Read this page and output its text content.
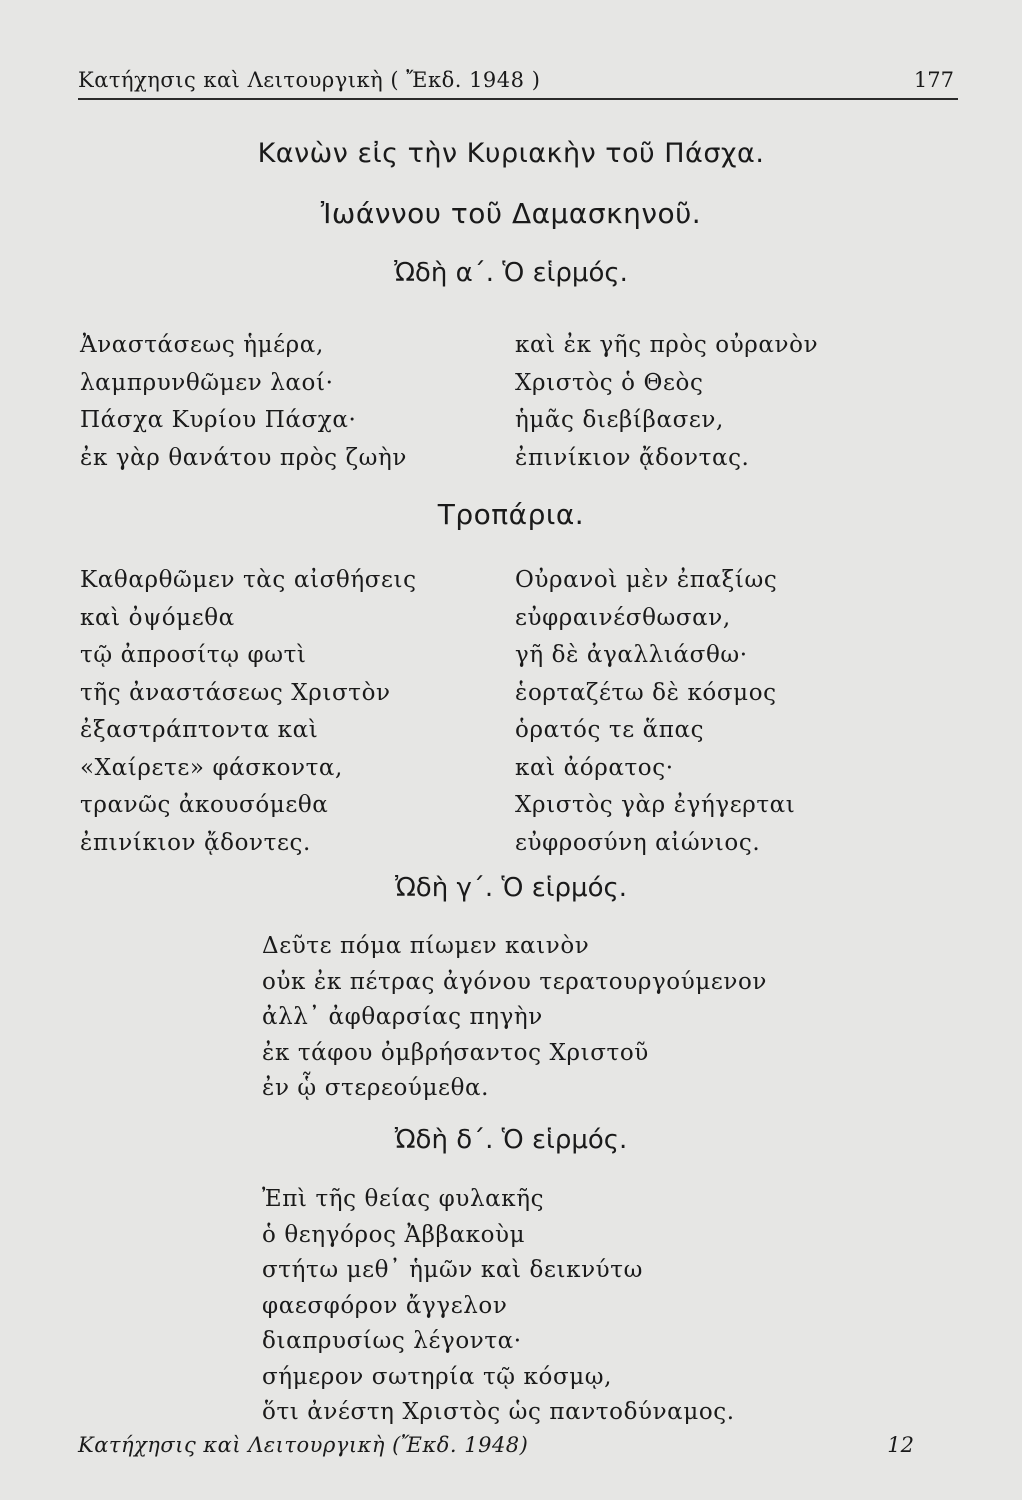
Κατήχησις καὶ Λειτουργικὴ ( Ἔκδ. 1948 )	177
Κανὼν εἰς τὴν Κυριακὴν τοῦ Πάσχα.
Ἰωάννου τοῦ Δαμασκηνοῦ.
Ὠδὴ α΄. Ὁ εἱρμός.
Ἀναστάσεως ἡμέρα,
λαμπρυνθῶμεν λαοί·
Πάσχα Κυρίου Πάσχα·
ἐκ γὰρ θανάτου πρὸς ζωὴν
καὶ ἐκ γῆς πρὸς οὐρανὸν
Χριστὸς ὁ Θεὸς
ἡμᾶς διεβίβασεν,
ἐπινίκιον ᾄδοντας.
Τροπάρια.
Καθαρθῶμεν τὰς αἰσθήσεις
καὶ ὀψόμεθα
τῷ ἀπροσίτῳ φωτὶ
τῆς ἀναστάσεως Χριστὸν
ἐξαστράπτοντα καὶ
«Χαίρετε» φάσκοντα,
τρανῶς ἀκουσόμεθα
ἐπινίκιον ᾄδοντες.
Οὐρανοὶ μὲν ἐπαξίως
εὐφραινέσθωσαν,
γῆ δὲ ἀγαλλιάσθω·
ἑορταζέτω δὲ κόσμος
ὁρατός τε ἅπας
καὶ ἀόρατος·
Χριστὸς γὰρ ἐγήγερται
εὐφροσύνη αἰώνιος.
Ὠδὴ γ΄. Ὁ εἱρμός.
Δεῦτε πόμα πίωμεν καινὸν
οὐκ ἐκ πέτρας ἀγόνου τερατουργούμενον
ἀλλ᾿ ἀφθαρσίας πηγὴν
ἐκ τάφου ὀμβρήσαντος Χριστοῦ
ἐν ᾧ στερεούμεθα.
Ὠδὴ δ΄. Ὁ εἱρμός.
Ἐπὶ τῆς θείας φυλακῆς
ὁ θεηγόρος Ἀββακοὺμ
στήτω μεθ᾿ ἡμῶν καὶ δεικνύτω
φαεσφόρον ἄγγελον
διαπρυσίως λέγοντα·
σήμερον σωτηρία τῷ κόσμῳ,
ὅτι ἀνέστη Χριστὸς ὡς παντοδύναμος.
Κατήχησις καὶ Λειτουργικὴ (Ἔκδ. 1948)	12
